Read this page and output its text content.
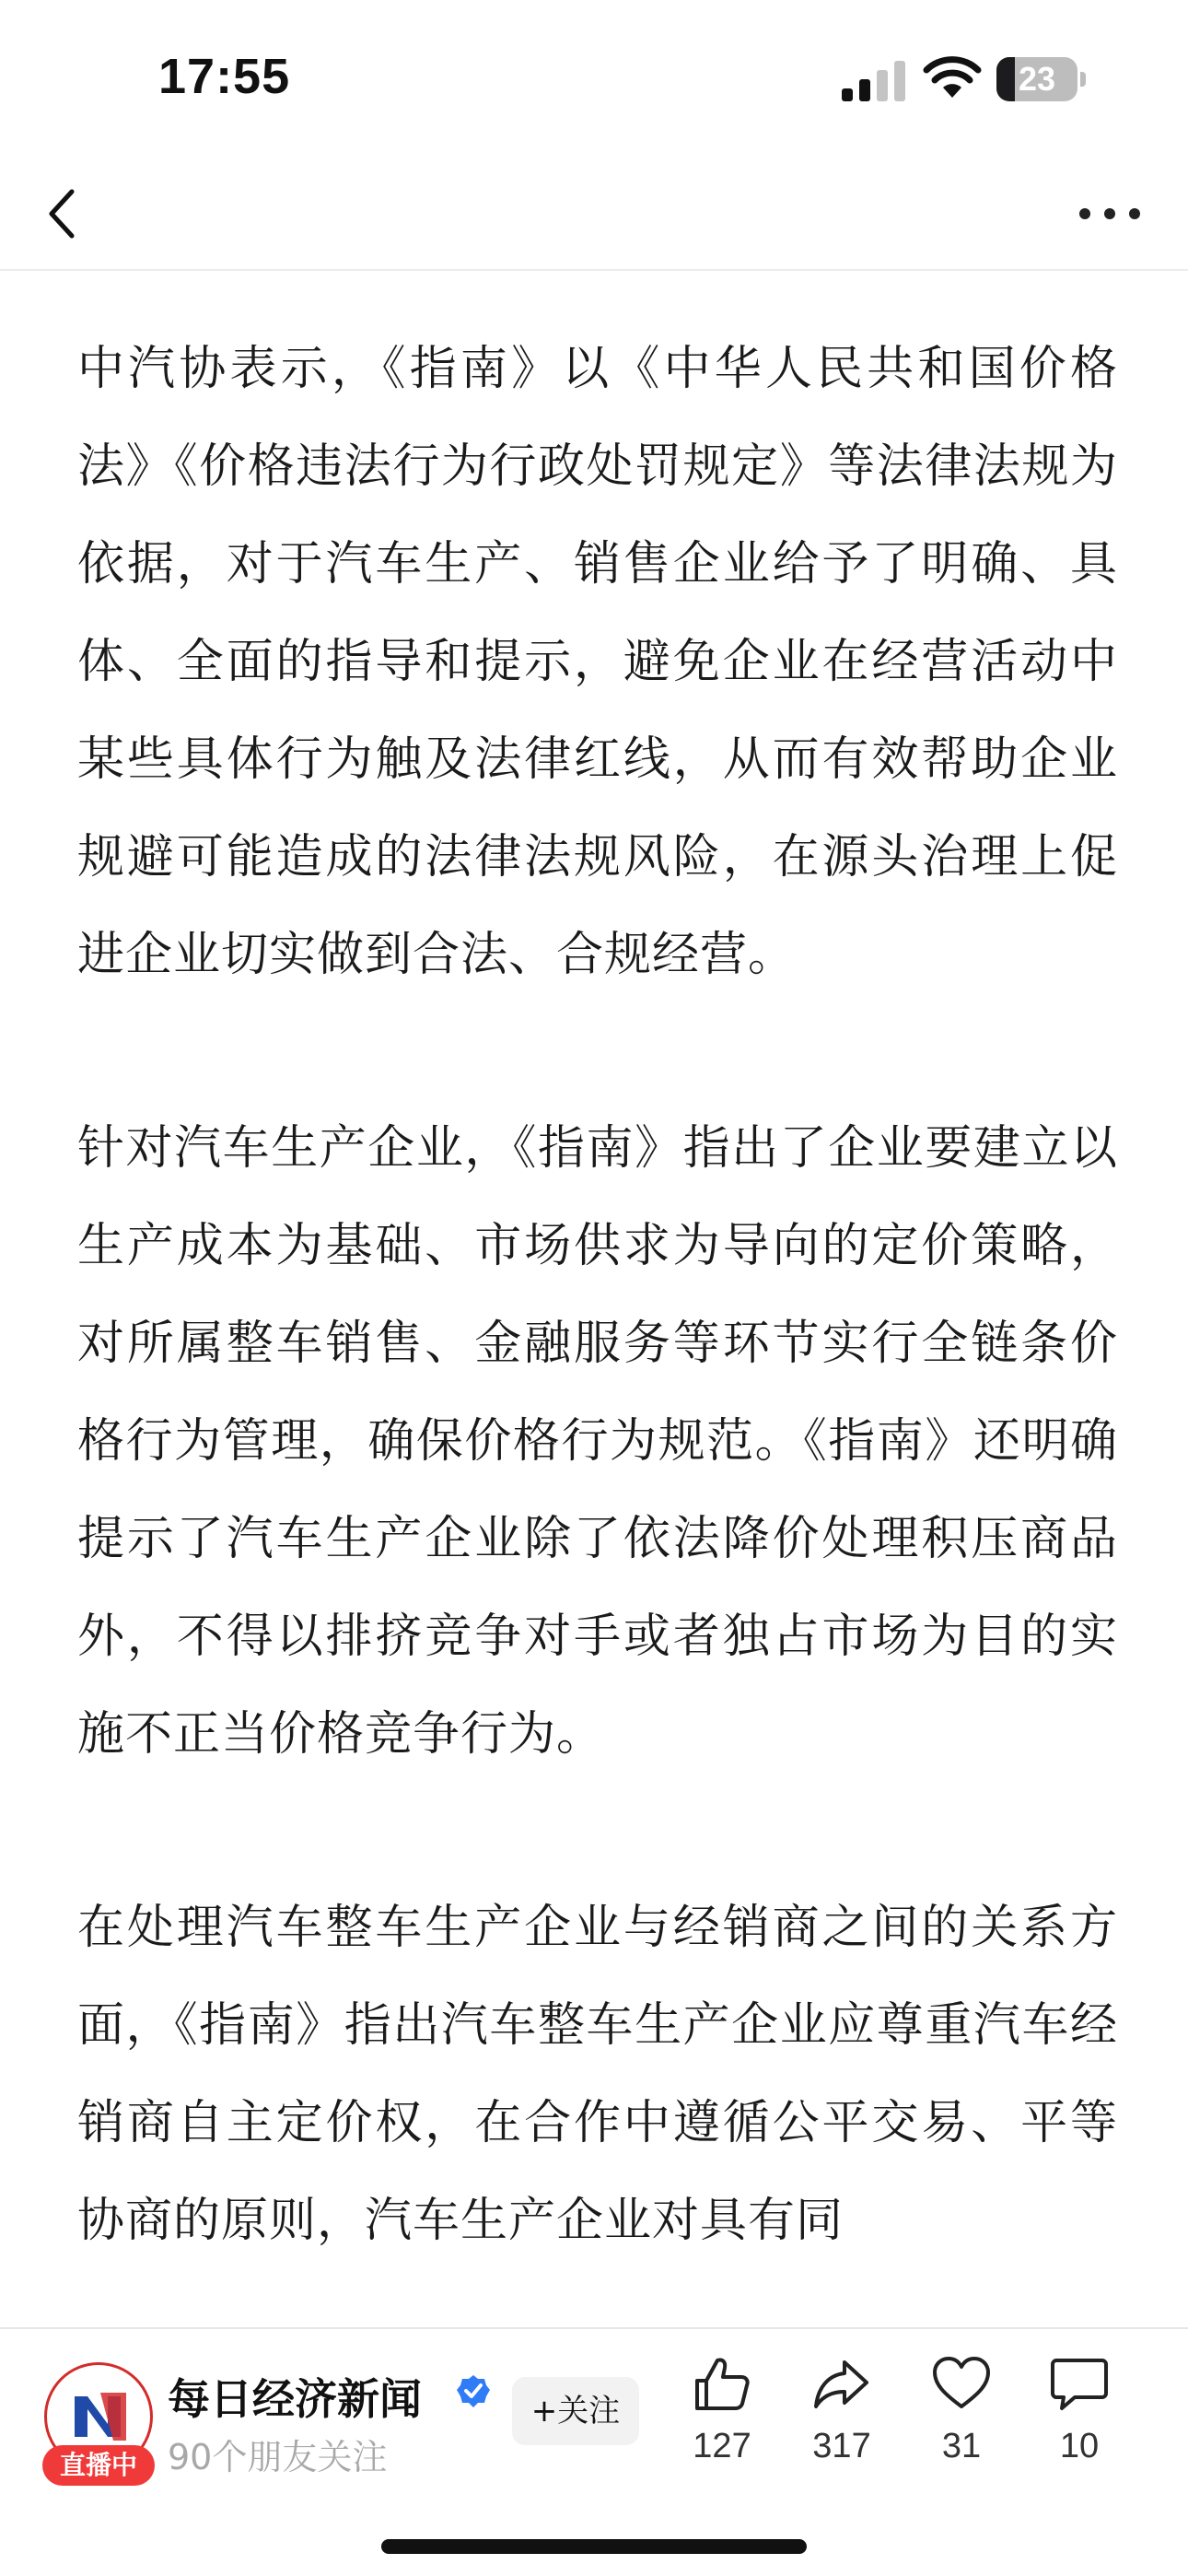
17:55	23

中汽协表示，《指南》以《中华人民共和国价格法》《价格违法行为行政处罚规定》等法律法规为依据，对于汽车生产、销售企业给予了明确、具体、全面的指导和提示，避免企业在经营活动中某些具体行为触及法律红线，从而有效帮助企业规避可能造成的法律法规风险，在源头治理上促进企业切实做到合法、合规经营。

针对汽车生产企业，《指南》指出了企业要建立以生产成本为基础、市场供求为导向的定价策略，对所属整车销售、金融服务等环节实行全链条价格行为管理，确保价格行为规范。《指南》还明确提示了汽车生产企业除了依法降价处理积压商品外，不得以排挤竞争对手或者独占市场为目的实施不正当价格竞争行为。

在处理汽车整车生产企业与经销商之间的关系方面，《指南》指出汽车整车生产企业应尊重汽车经销商自主定价权，在合作中遵循公平交易、平等协商的原则，汽车生产企业对具有同

直播中
每日经济新闻
90个朋友关注
+关注
127	317	31	10
